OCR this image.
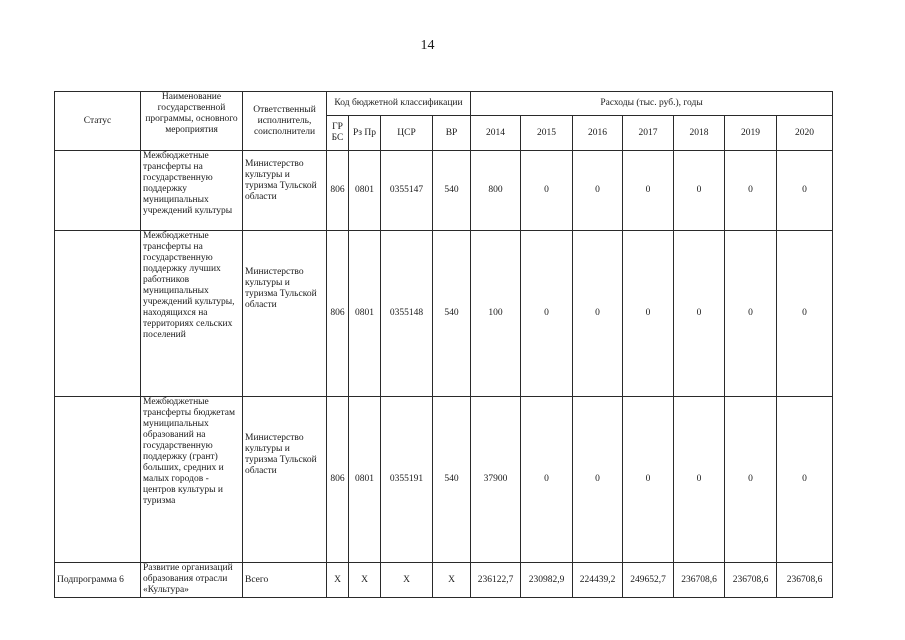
14
Статус	Наименование государственной программы, основного мероприятия	Ответственный исполнитель, соисполнители	Код бюджетной классификации				Расходы (тыс. руб.), годы						
			ГР БС	Рз Пр	ЦСР	ВР	2014	2015	2016	2017	2018	2019	2020

	Межбюджетные трансферты на государственную поддержку муниципальных учреждений культуры	Министерство культуры и туризма Тульской области	806	0801	0355147	540	800	0	0	0	0	0	0

	Межбюджетные трансферты на государственную поддержку лучших работников муниципальных учреждений культуры, находящихся на территориях сельских поселений	Министерство культуры и туризма Тульской области	806	0801	0355148	540	100	0	0	0	0	0	0

	Межбюджетные трансферты бюджетам муниципальных образований на государственную поддержку (грант) больших, средних и малых городов - центров культуры и туризма	Министерство культуры и туризма Тульской области	806	0801	0355191	540	37900	0	0	0	0	0	0
Подпрограмма 6	Развитие организаций образования отрасли «Культура»	Всего	Х	Х	Х	Х	236122,7	230982,9	224439,2	249652,7	236708,6	236708,6	236708,6
